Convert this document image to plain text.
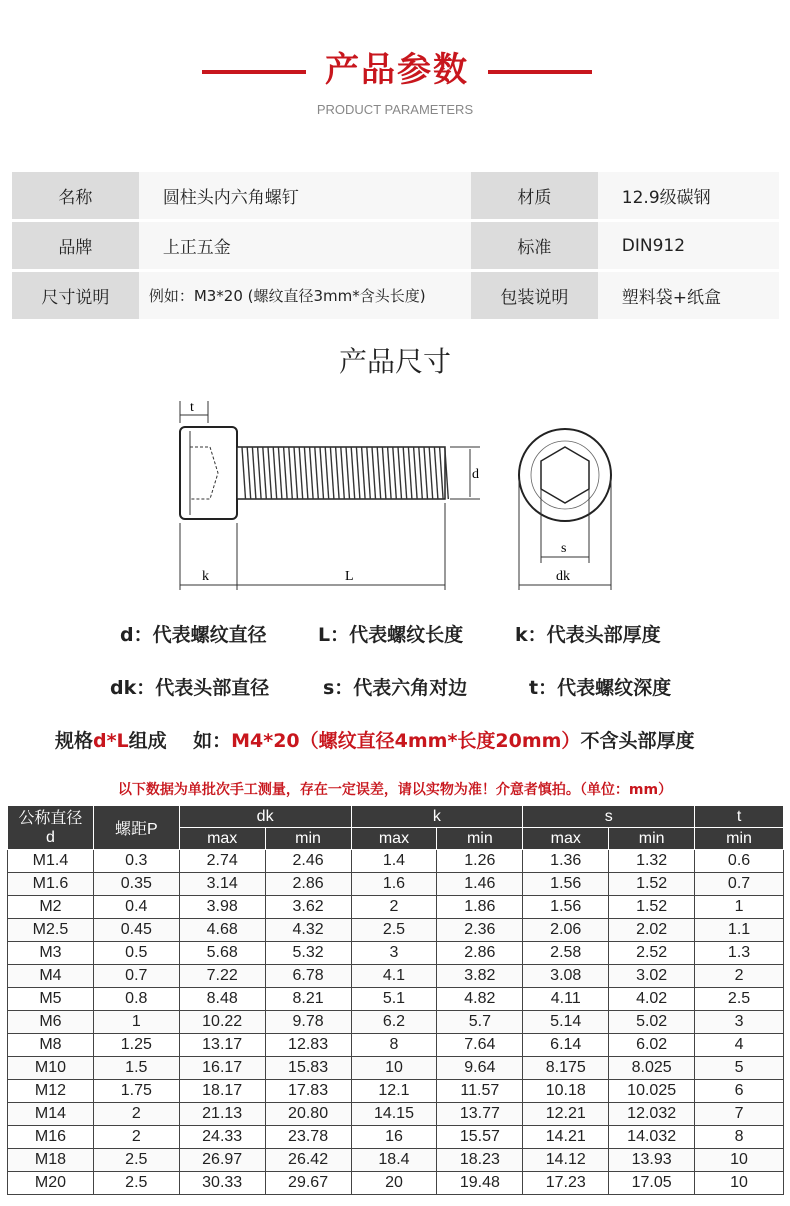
产品参数
PRODUCT PARAMETERS
名称	圆柱头内六角螺钉	材质	12.9级碳钢
品牌	上正五金	标准	DIN912
尺寸说明	例如：M3*20 (螺纹直径3mm*含头长度)	包装说明	塑料袋+纸盒
产品尺寸
t
d
k	L
s
dk
d：代表螺纹直径	L：代表螺纹长度	k：代表头部厚度
dk：代表头部直径	s：代表六角对边	t：代表螺纹深度
规格d*L组成    如：M4*20（螺纹直径4mm*长度20mm）不含头部厚度
以下数据为单批次手工测量，存在一定误差，请以实物为准！介意者慎拍。（单位：mm）
公称直径
d	螺距P	dk		k		s		t
		max	min	max	min	max	min	min
M1.4	0.3	2.74	2.46	1.4	1.26	1.36	1.32	0.6
M1.6	0.35	3.14	2.86	1.6	1.46	1.56	1.52	0.7
M2	0.4	3.98	3.62	2	1.86	1.56	1.52	1
M2.5	0.45	4.68	4.32	2.5	2.36	2.06	2.02	1.1
M3	0.5	5.68	5.32	3	2.86	2.58	2.52	1.3
M4	0.7	7.22	6.78	4.1	3.82	3.08	3.02	2
M5	0.8	8.48	8.21	5.1	4.82	4.11	4.02	2.5
M6	1	10.22	9.78	6.2	5.7	5.14	5.02	3
M8	1.25	13.17	12.83	8	7.64	6.14	6.02	4
M10	1.5	16.17	15.83	10	9.64	8.175	8.025	5
M12	1.75	18.17	17.83	12.1	11.57	10.18	10.025	6
M14	2	21.13	20.80	14.15	13.77	12.21	12.032	7
M16	2	24.33	23.78	16	15.57	14.21	14.032	8
M18	2.5	26.97	26.42	18.4	18.23	14.12	13.93	10
M20	2.5	30.33	29.67	20	19.48	17.23	17.05	10
